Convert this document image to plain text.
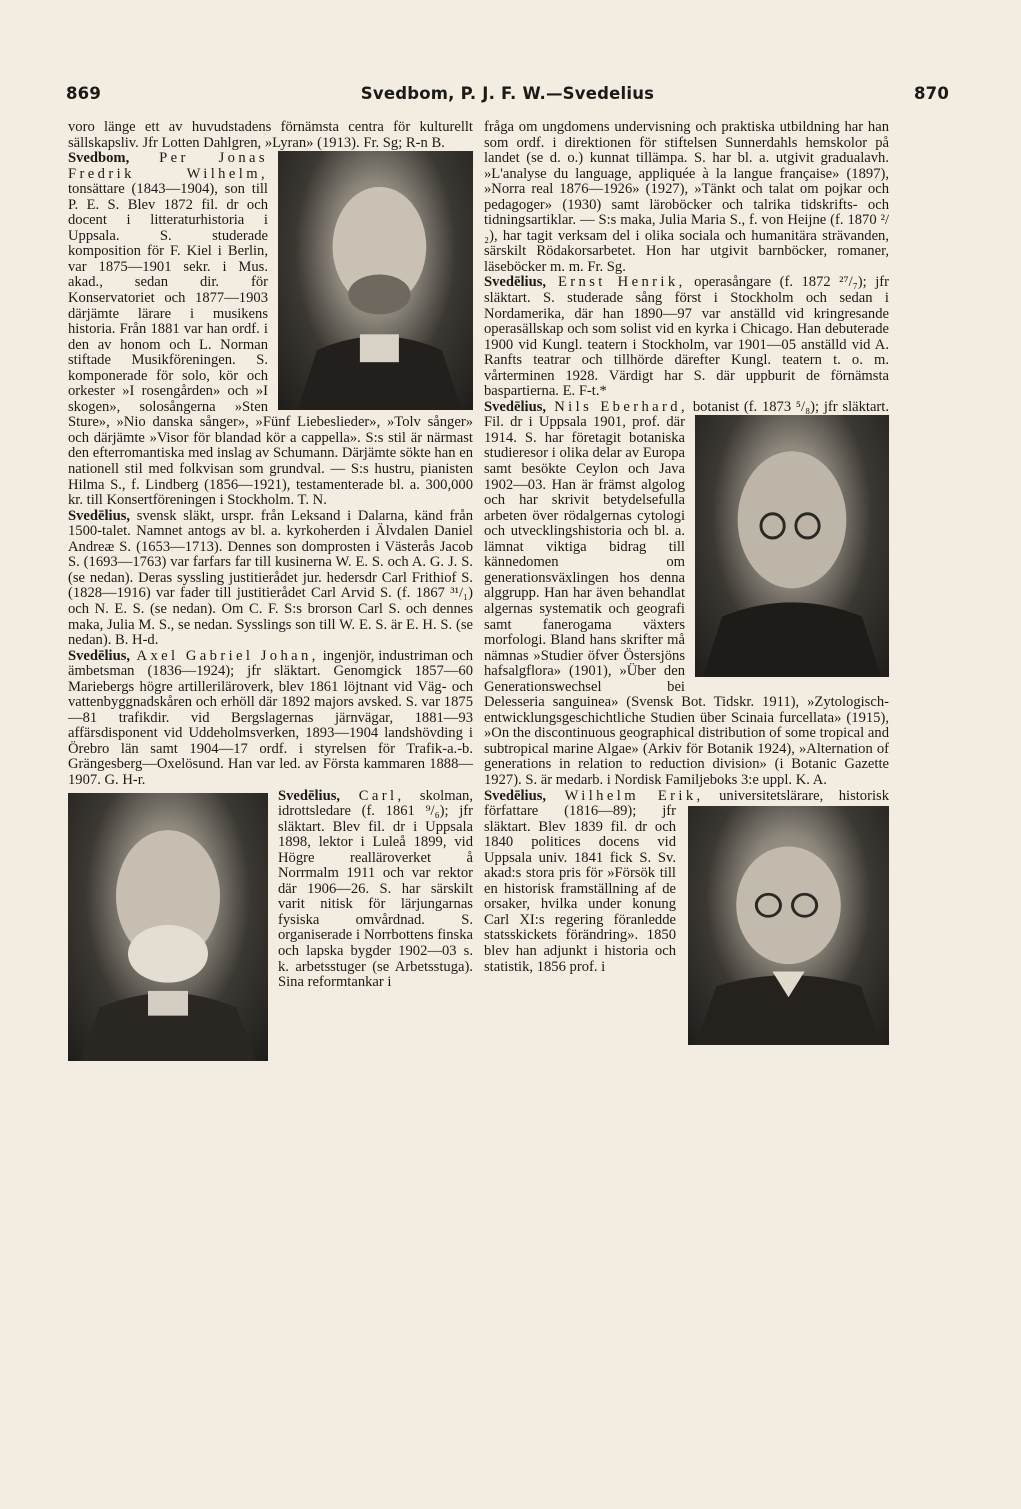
869	Svedbom, P. J. F. W.—Svedelius	870

voro länge ett av huvudstadens förnämsta centra för kulturellt sällskapsliv. Jfr Lotten Dahlgren, »Lyran» (1913). Fr. Sg; R-n B.

Svedbom, Per Jonas Fredrik Wilhelm, tonsättare (1843—1904), son till P. E. S. Blev 1872 fil. dr och docent i litteraturhistoria i Uppsala. S. studerade komposition för F. Kiel i Berlin, var 1875—1901 sekr. i Mus. akad., sedan dir. för Konservatoriet och 1877—1903 därjämte lärare i musikens historia. Från 1881 var han ordf. i den av honom och L. Norman stiftade Musikföreningen. S. komponerade för solo, kör och orkester »I rosengården» och »I skogen», solosångerna »Sten Sture», »Nio danska sånger», »Fünf Liebeslieder», »Tolv sånger» och därjämte »Visor för blandad kör a cappella». S:s stil är närmast den efterromantiska med inslag av Schumann. Därjämte sökte han en nationell stil med folkvisan som grundval. — S:s hustru, pianisten Hilma S., f. Lindberg (1856—1921), testamenterade bl. a. 300,000 kr. till Konsertföreningen i Stockholm. T. N.

Svedēlius, svensk släkt, urspr. från Leksand i Dalarna, känd från 1500-talet. Namnet antogs av bl. a. kyrkoherden i Älvdalen Daniel Andreæ S. (1653—1713). Dennes son domprosten i Västerås Jacob S. (1693—1763) var farfars far till kusinerna W. E. S. och A. G. J. S. (se nedan). Deras syssling justitierådet jur. hedersdr Carl Frithiof S. (1828—1916) var fader till justitierådet Carl Arvid S. (f. 1867 ³¹/₁) och N. E. S. (se nedan). Om C. F. S:s brorson Carl S. och dennes maka, Julia M. S., se nedan. Sysslings son till W. E. S. är E. H. S. (se nedan). B. H-d.

Svedēlius, Axel Gabriel Johan, ingenjör, industriman och ämbetsman (1836—1924); jfr släktart. Genomgick 1857—60 Mariebergs högre artilleriläroverk, blev 1861 löjtnant vid Väg- och vattenbyggnadskåren och erhöll där 1892 majors avsked. S. var 1875—81 trafikdir. vid Bergslagernas järnvägar, 1881—93 affärsdisponent vid Uddeholmsverken, 1893—1904 landshövding i Örebro län samt 1904—17 ordf. i styrelsen för Trafik-a.-b. Grängesberg—Oxelösund. Han var led. av Första kammaren 1888—1907. G. H-r.

Svedēlius, Carl,
skolman, idrottsledare (f. 1861 ⁹/₆); jfr släktart. Blev fil. dr i Uppsala 1898, lektor i Luleå 1899, vid Högre realläroverket å Norrmalm 1911 och var rektor där 1906—26. S. har särskilt varit nitisk för lärjungarnas fysiska omvårdnad. S. organiserade i Norrbottens finska och lapska bygder 1902—03 s. k. arbetsstuger (se Arbetsstuga). Sina reformtankar i

fråga om ungdomens undervisning och praktiska utbildning har han som ordf. i direktionen för stiftelsen Sunnerdahls hemskolor på landet (se d. o.) kunnat tillämpa. S. har bl. a. utgivit gradualavh. »L'analyse du language, appliquée à la langue française» (1897), »Norra real 1876—1926» (1927), »Tänkt och talat om pojkar och pedagoger» (1930) samt läroböcker och talrika tidskrifts- och tidningsartiklar. — S:s maka, Julia Maria S., f. von Heijne (f. 1870 ²/₂), har tagit verksam del i olika sociala och humanitära strävanden, särskilt Rödakorsarbetet. Hon har utgivit barnböcker, romaner, läseböcker m. m. Fr. Sg.

Svedēlius, Ernst Henrik, operasångare (f. 1872 ²⁷/₇); jfr släktart. S. studerade sång först i Stockholm och sedan i Nordamerika, där han 1890—97 var anställd vid kringresande operasällskap och som solist vid en kyrka i Chicago. Han debuterade 1900 vid Kungl. teatern i Stockholm, var 1901—05 anställd vid A. Ranfts teatrar och tillhörde därefter Kungl. teatern t. o. m. vårterminen 1928. Värdigt har S. där uppburit de förnämsta baspartierna. E. F-t.*

Svedēlius, Nils Eberhard,
botanist (f. 1873 ⁵/₈); jfr släktart. Fil. dr i Uppsala 1901, prof. där 1914. S. har företagit botaniska studieresor i olika delar av Europa samt besökte Ceylon och Java 1902—03. Han är främst algolog och har skrivit betydelsefulla arbeten över rödalgernas cytologi och utvecklingshistoria och bl. a. lämnat viktiga bidrag till kännedomen om generationsväxlingen hos denna alggrupp. Han har även behandlat algernas systematik och geografi samt fanerogama växters morfologi. Bland hans skrifter må nämnas »Studier öfver Östersjöns hafsalgflora» (1901), »Über den Generationswechsel bei Delesseria sanguinea» (Svensk Bot. Tidskr. 1911), »Zytologisch-entwicklungsgeschichtliche Studien über Scinaia furcellata» (1915), »On the discontinuous geographical distribution of some tropical and subtropical marine Algae» (Arkiv för Botanik 1924), »Alternation of generations in relation to reduction division» (i Botanic Gazette 1927). S. är medarb. i Nordisk Familjeboks 3:e uppl. K. A.

Svedēlius, Wilhelm Erik,
universitetslärare, historisk författare (1816—89); jfr släktart. Blev 1839 fil. dr och 1840 politices docens vid Uppsala univ. 1841 fick S. Sv. akad:s stora pris för »Försök till en historisk framställning af de orsaker, hvilka under konung Carl XI:s regering föranledde statsskickets förändring». 1850 blev han adjunkt i historia och statistik, 1856 prof. i
